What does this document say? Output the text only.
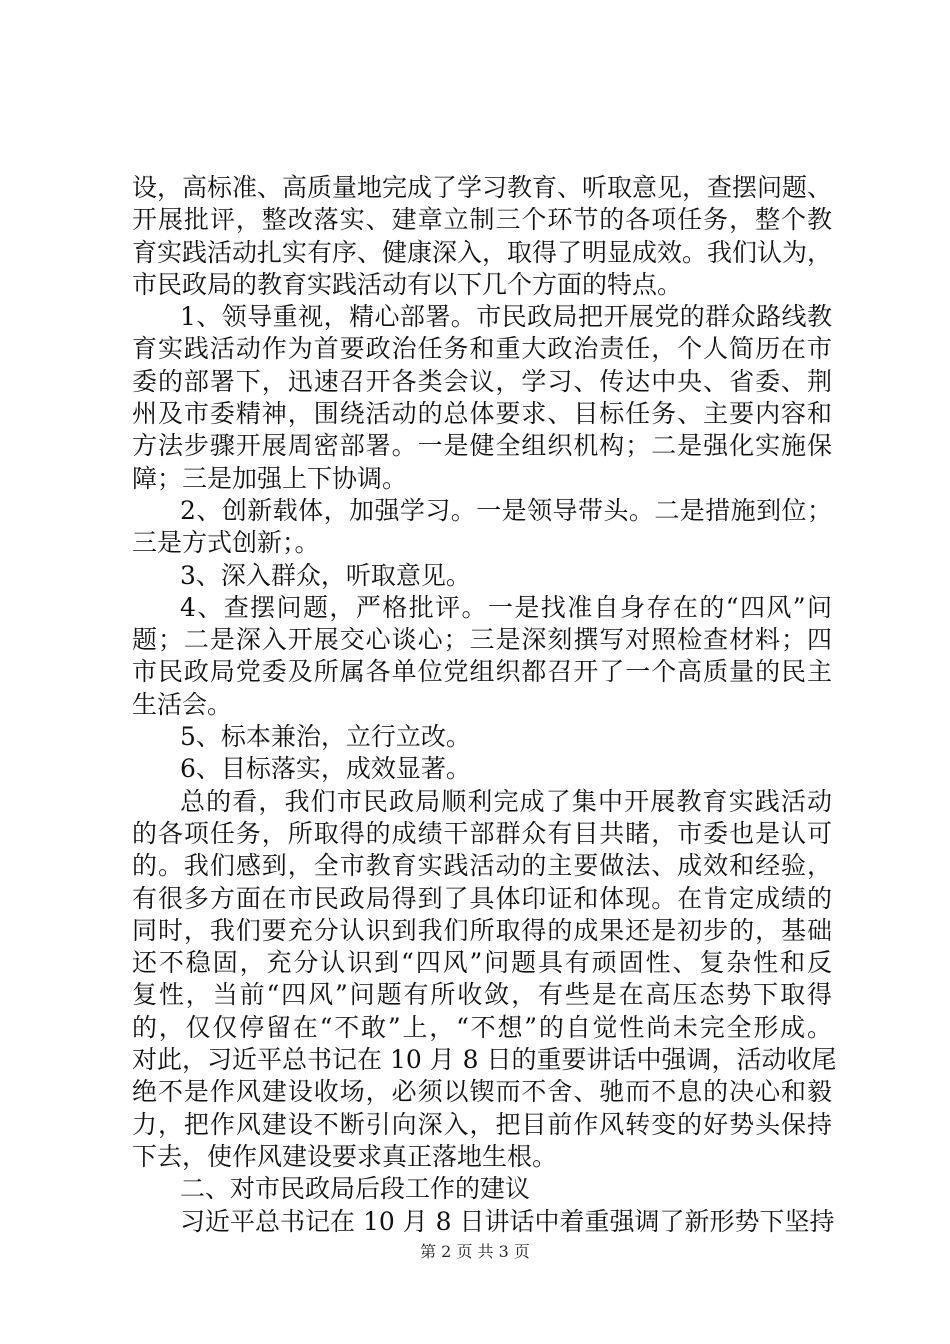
设，高标准、高质量地完成了学习教育、听取意见，查摆问题、
开展批评，整改落实、建章立制三个环节的各项任务，整个教
育实践活动扎实有序、健康深入，取得了明显成效。我们认为，
市民政局的教育实践活动有以下几个方面的特点。
1、领导重视，精心部署。市民政局把开展党的群众路线教
育实践活动作为首要政治任务和重大政治责任，个人简历在市
委的部署下，迅速召开各类会议，学习、传达中央、省委、荆
州及市委精神，围绕活动的总体要求、目标任务、主要内容和
方法步骤开展周密部署。一是健全组织机构；二是强化实施保
障；三是加强上下协调。
2、创新载体，加强学习。一是领导带头。二是措施到位；
三是方式创新；。
3、深入群众，听取意见。
4、查摆问题，严格批评。一是找准自身存在的“四风”问
题；二是深入开展交心谈心；三是深刻撰写对照检查材料；四
市民政局党委及所属各单位党组织都召开了一个高质量的民主
生活会。
5、标本兼治，立行立改。
6、目标落实，成效显著。
总的看，我们市民政局顺利完成了集中开展教育实践活动
的各项任务，所取得的成绩干部群众有目共睹，市委也是认可
的。我们感到，全市教育实践活动的主要做法、成效和经验，
有很多方面在市民政局得到了具体印证和体现。在肯定成绩的
同时，我们要充分认识到我们所取得的成果还是初步的，基础
还不稳固，充分认识到“四风”问题具有顽固性、复杂性和反
复性，当前“四风”问题有所收敛，有些是在高压态势下取得
的，仅仅停留在“不敢”上，“不想”的自觉性尚未完全形成。
对此，习近平总书记在 10 月 8 日的重要讲话中强调，活动收尾
绝不是作风建设收场，必须以锲而不舍、驰而不息的决心和毅
力，把作风建设不断引向深入，把目前作风转变的好势头保持
下去，使作风建设要求真正落地生根。
二、对市民政局后段工作的建议
习近平总书记在 10 月 8 日讲话中着重强调了新形势下坚持
第 2 页 共 3 页
